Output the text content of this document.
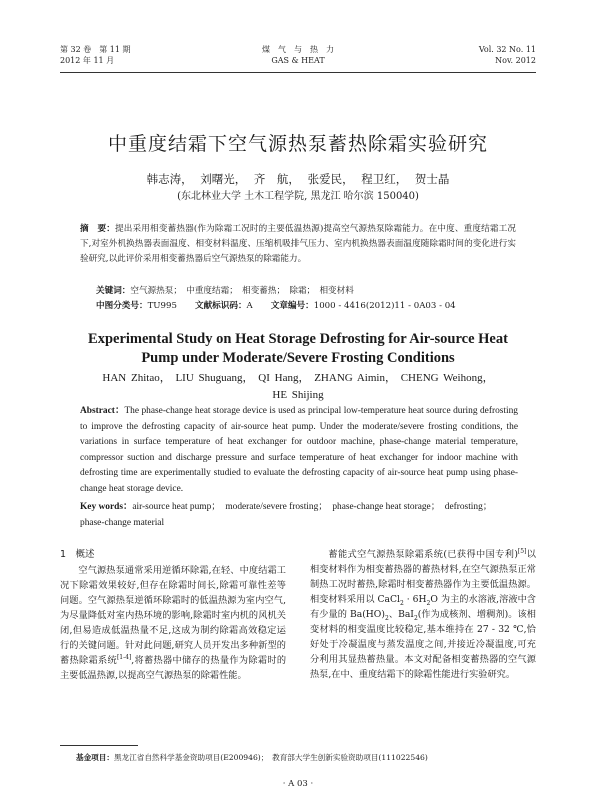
第 32 卷　第 11 期
2012 年 11 月
煤　气　与　热　力
GAS & HEAT
Vol. 32 No. 11
Nov. 2012
中重度结霜下空气源热泵蓄热除霜实验研究
韩志涛， 刘曙光， 齐　航， 张爱民， 程卫红， 贺士晶
(东北林业大学 土木工程学院, 黑龙江 哈尔滨 150040)
摘　要：提出采用相变蓄热器(作为除霜工况时的主要低温热源)提高空气源热泵除霜能力。在中度、重度结霜工况下,对室外机换热器表面温度、相变材料温度、压缩机吸排气压力、室内机换热器表面温度随除霜时间的变化进行实验研究,以此评价采用相变蓄热器后空气源热泵的除霜能力。
关键词：空气源热泵；　中重度结霜；　相变蓄热；　除霜；　相变材料
中图分类号：TU995 文献标识码：A 文章编号：1000 - 4416(2012)11 - 0A03 - 04
Experimental Study on Heat Storage Defrosting for Air-source Heat
Pump under Moderate/Severe Frosting Conditions
HAN Zhitao， LIU Shuguang， QI Hang， ZHANG Aimin， CHENG Weihong，
HE Shijing
Abstract：The phase-change heat storage device is used as principal low-temperature heat source during defrosting to improve the defrosting capacity of air-source heat pump. Under the moderate/severe frosting conditions, the variations in surface temperature of heat exchanger for outdoor machine, phase-change material temperature, compressor suction and discharge pressure and surface temperature of heat exchanger for indoor machine with defrosting time are experimentally studied to evaluate the defrosting capacity of air-source heat pump using phase-change heat storage device.
Key words：air-source heat pump；　moderate/severe frosting；　phase-change heat storage；　defrosting；　phase-change material
1　概述

空气源热泵通常采用逆循环除霜,在轻、中度结霜工况下除霜效果较好,但存在除霜时间长,除霜可靠性差等问题。空气源热泵逆循环除霜时的低温热源为室内空气,为尽量降低对室内热环境的影响,除霜时室内机的风机关闭,但易造成低温热量不足,这成为制约除霜高效稳定运行的关键问题。针对此问题,研究人员开发出多种新型的蓄热除霜系统[1-4],将蓄热器中储存的热量作为除霜时的主要低温热源,以提高空气源热泵的除霜性能。

蓄能式空气源热泵除霜系统(已获得中国专利)[5]以相变材料作为相变蓄热器的蓄热材料,在空气源热泵正常制热工况时蓄热,除霜时相变蓄热器作为主要低温热源。相变材料采用以 CaCl$_2$ · $6H_2O$ 为主的水溶液,溶液中含有少量的 $Ba(HO)_2$、BaI$_2$(作为成核剂、增稠剂)。该相变材料的相变温度比较稳定,基本维持在 27 - 32 ℃,恰好处于冷凝温度与蒸发温度之间,并接近冷凝温度,可充分利用其显热蓄热量。本文对配备相变蓄热器的空气源热泵,在中、重度结霜下的除霜性能进行实验研究。

基金项目：黑龙江省自然科学基金资助项目(E200946)；　教育部大学生创新实验资助项目(111022546)
· A 03 ·
